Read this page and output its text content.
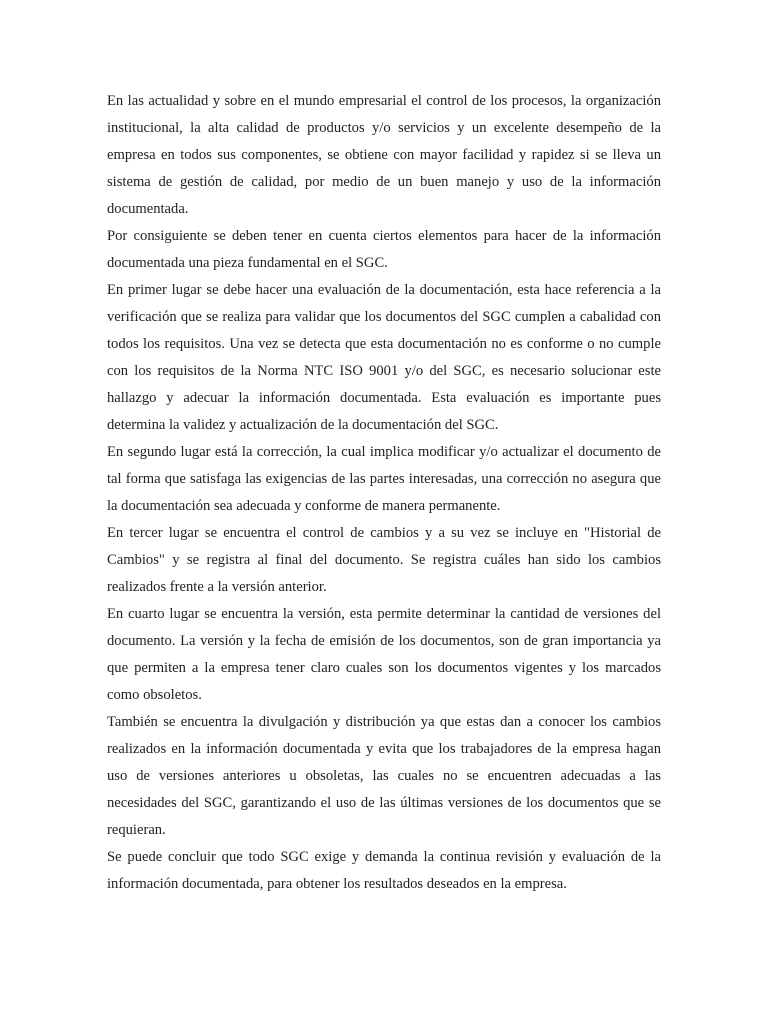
En las actualidad y sobre en el mundo empresarial el control de los procesos, la organización institucional, la alta calidad de productos y/o servicios y un excelente desempeño de la empresa en todos sus componentes, se obtiene con mayor facilidad y rapidez si se lleva un sistema de gestión de calidad, por medio de un buen manejo y uso de la información documentada.

Por consiguiente se deben tener en cuenta ciertos elementos para hacer de la información documentada una pieza fundamental en el SGC.

En primer lugar se debe hacer una evaluación de la documentación, esta hace referencia a la verificación que se realiza para validar que los documentos del SGC cumplen a cabalidad con todos los requisitos. Una vez se detecta que esta documentación no es conforme o no cumple con los requisitos de la Norma NTC ISO 9001 y/o del SGC, es necesario solucionar este hallazgo y adecuar la información documentada. Esta evaluación es importante pues determina la validez y actualización de la documentación del SGC.

En segundo lugar está la corrección, la cual implica modificar y/o actualizar el documento de tal forma que satisfaga las exigencias de las partes interesadas, una corrección no asegura que la documentación sea adecuada y conforme de manera permanente.

En tercer lugar se encuentra el control de cambios y a su vez se incluye en "Historial de Cambios" y se registra al final del documento. Se registra cuáles han sido los cambios realizados frente a la versión anterior.

En cuarto lugar se encuentra la versión, esta permite determinar la cantidad de versiones del documento. La versión y la fecha de emisión de los documentos, son de gran importancia ya que permiten a la empresa tener claro cuales son los documentos vigentes y los marcados como obsoletos.

También se encuentra la divulgación y distribución ya que estas dan a conocer los cambios realizados en la información documentada y evita que los trabajadores de la empresa hagan uso de versiones anteriores u obsoletas, las cuales no se encuentren adecuadas a las necesidades del SGC, garantizando el uso de las últimas versiones de los documentos que se requieran.

Se puede concluir que todo SGC exige y demanda la continua revisión y evaluación de la información documentada, para obtener los resultados deseados en la empresa.
